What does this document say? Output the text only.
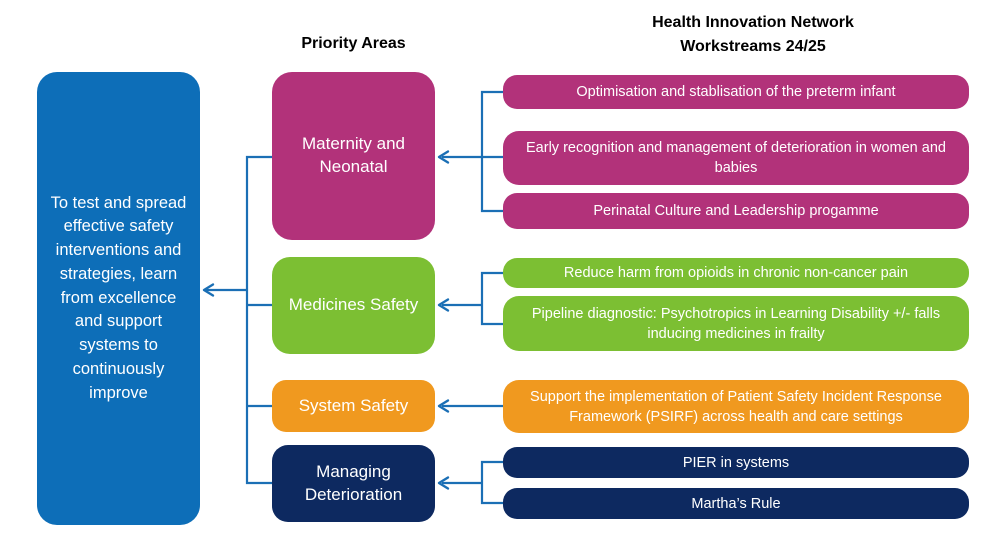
Priority Areas
Health Innovation Network
Workstreams 24/25
To test and spread effective safety interventions and strategies, learn from excellence and support systems to continuously improve
Maternity and Neonatal
Medicines Safety
System Safety
Managing Deterioration
Optimisation and stablisation of the preterm infant
Early recognition and management of deterioration in women and babies
Perinatal Culture and Leadership progamme
Reduce harm from opioids in chronic non-cancer pain
Pipeline diagnostic: Psychotropics in Learning Disability +/- falls inducing medicines in frailty
Support the implementation of Patient Safety Incident Response Framework (PSIRF) across health and care settings
PIER in systems
Martha’s Rule
